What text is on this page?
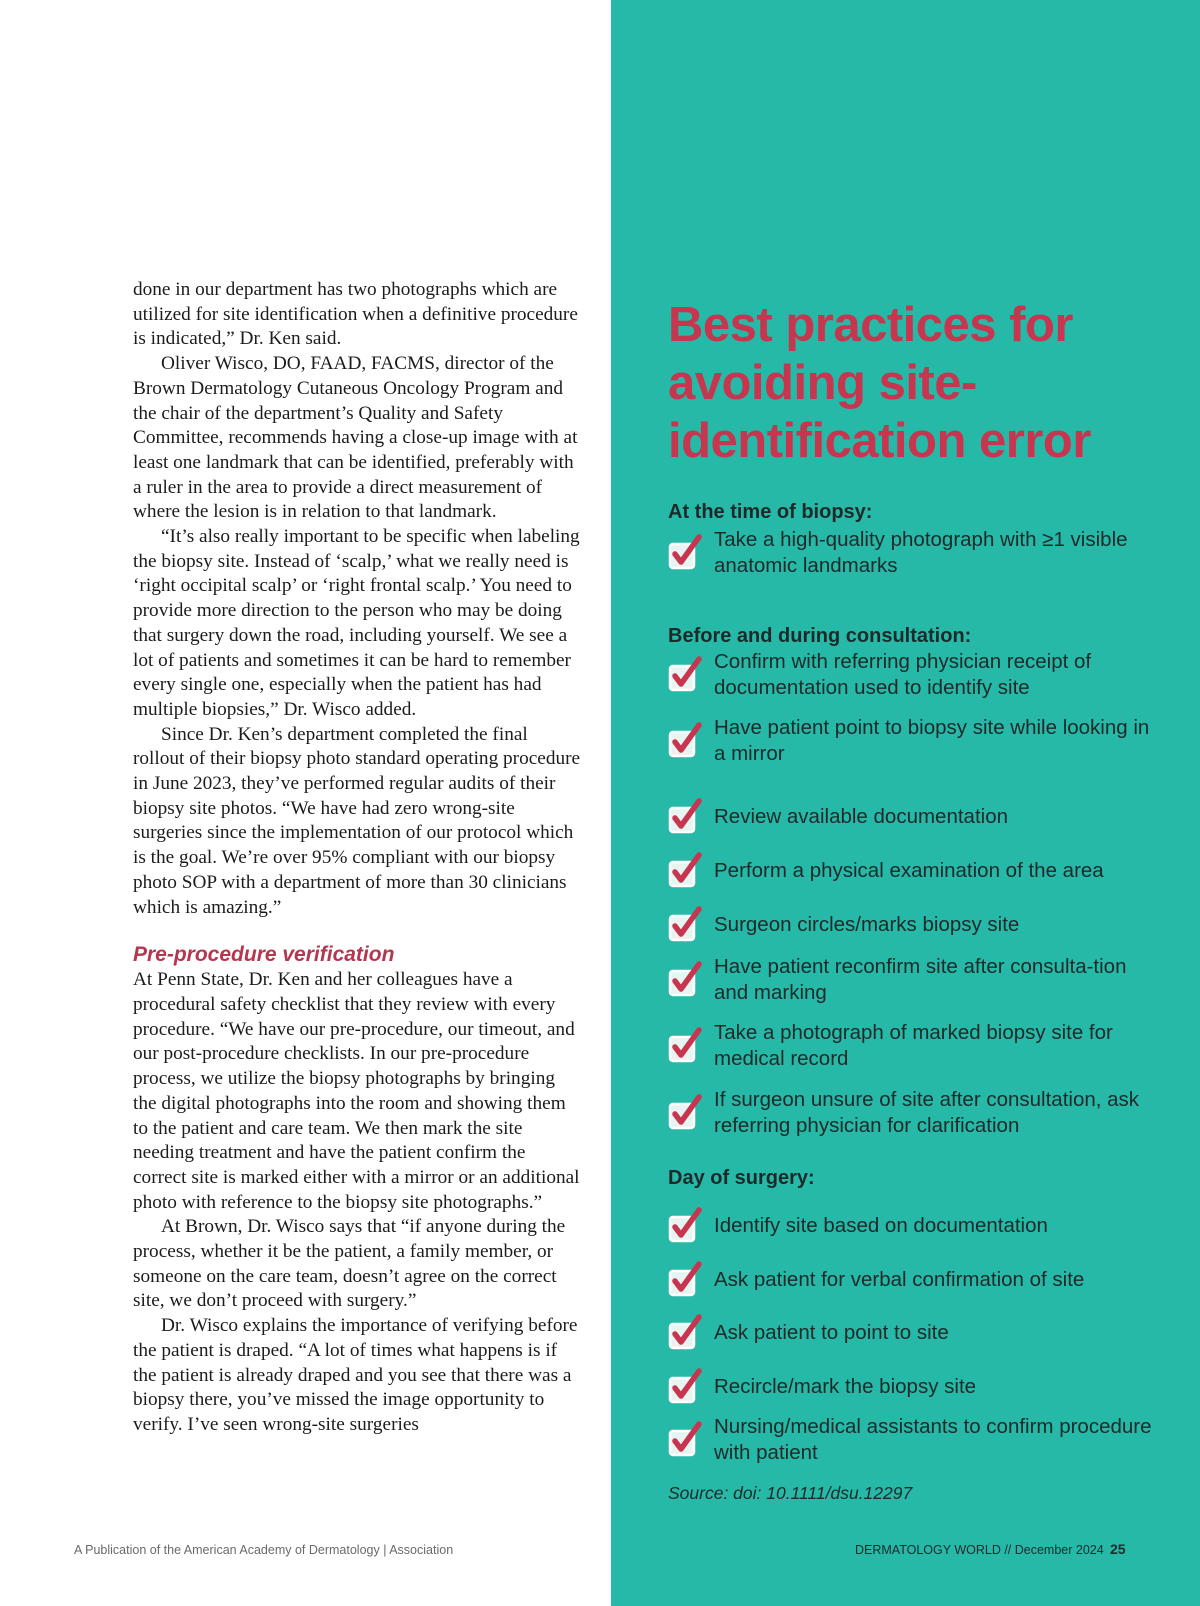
done in our department has two photographs which are utilized for site identification when a definitive procedure is indicated,” Dr. Ken said.

Oliver Wisco, DO, FAAD, FACMS, director of the Brown Dermatology Cutaneous Oncology Program and the chair of the department’s Quality and Safety Committee, recommends having a close-up image with at least one landmark that can be identified, preferably with a ruler in the area to provide a direct measurement of where the lesion is in relation to that landmark.

“It’s also really important to be specific when labeling the biopsy site. Instead of ‘scalp,’ what we really need is ‘right occipital scalp’ or ‘right frontal scalp.’ You need to provide more direction to the person who may be doing that surgery down the road, including yourself. We see a lot of patients and sometimes it can be hard to remember every single one, especially when the patient has had multiple biopsies,” Dr. Wisco added.

Since Dr. Ken’s department completed the final rollout of their biopsy photo standard operating procedure in June 2023, they’ve performed regular audits of their biopsy site photos. “We have had zero wrong-site surgeries since the implementation of our protocol which is the goal. We’re over 95% compliant with our biopsy photo SOP with a department of more than 30 clinicians which is amazing.”

Pre-procedure verification

At Penn State, Dr. Ken and her colleagues have a procedural safety checklist that they review with every procedure. “We have our pre-procedure, our timeout, and our post-procedure checklists. In our pre-procedure process, we utilize the biopsy photographs by bringing the digital photographs into the room and showing them to the patient and care team. We then mark the site needing treatment and have the patient confirm the correct site is marked either with a mirror or an additional photo with reference to the biopsy site photographs.”

At Brown, Dr. Wisco says that “if anyone during the process, whether it be the patient, a family member, or someone on the care team, doesn’t agree on the correct site, we don’t proceed with surgery.”

Dr. Wisco explains the importance of verifying before the patient is draped. “A lot of times what happens is if the patient is already draped and you see that there was a biopsy there, you’ve missed the image opportunity to verify. I’ve seen wrong-site surgeries

Best practices for avoiding site-identification error
At the time of biopsy:
Take a high-quality photograph with ≥1 visible anatomic landmarks
Before and during consultation:
Confirm with referring physician receipt of documentation used to identify site
Have patient point to biopsy site while looking in a mirror
Review available documentation
Perform a physical examination of the area
Surgeon circles/marks biopsy site
Have patient reconfirm site after consulta-tion and marking
Take a photograph of marked biopsy site for medical record
If surgeon unsure of site after consultation, ask referring physician for clarification
Day of surgery:
Identify site based on documentation
Ask patient for verbal confirmation of site
Ask patient to point to site
Recircle/mark the biopsy site
Nursing/medical assistants to confirm procedure with patient
Source: doi: 10.1111/dsu.12297
A Publication of the American Academy of Dermatology | Association	DERMATOLOGY WORLD // December 2024 25
